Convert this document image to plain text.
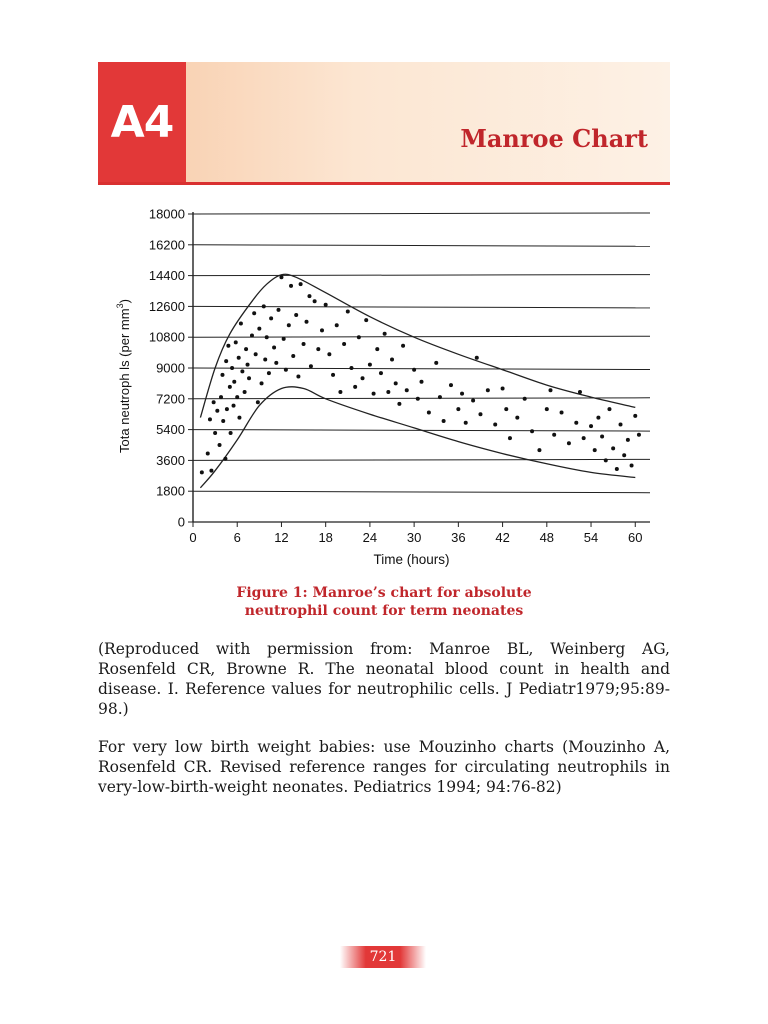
A4	Manroe Chart
0
1800
3600
5400
7200
9000
10800
12600
14400
16200
18000
0	6	12 18 24 30 36 42 48 54 60
Time (hours)
Tota neutroph ls (per $mm^3$)
Figure 1: Manroe’s chart for absolute
neutrophil count for term neonates
(Reproduced with permission from: Manroe BL, Weinberg AG, Rosenfeld CR, Browne R. The neonatal blood count in health and disease. I. Reference values for neutrophilic cells. J Pediatr1979;95:89-98.)
For very low birth weight babies: use Mouzinho charts (Mouzinho A, Rosenfeld CR. Revised reference ranges for circulating neutrophils in very-low-birth-weight neonates. Pediatrics 1994; 94:76-82)
721
